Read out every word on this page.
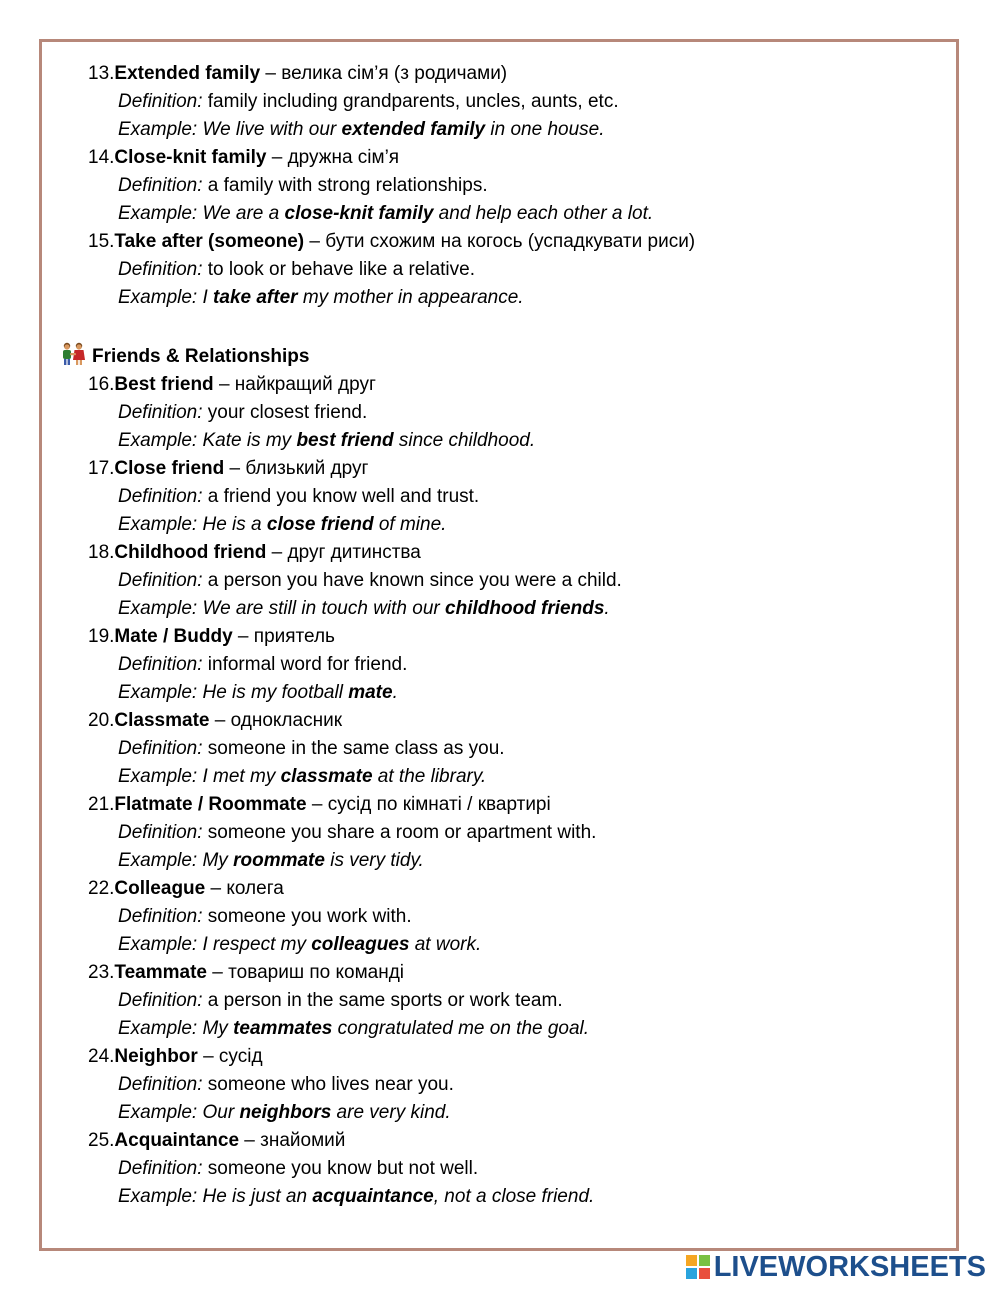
13.Extended family – велика сім’я (з родичами)
Definition: family including grandparents, uncles, aunts, etc.
Example: We live with our extended family in one house.
14.Close-knit family – дружна сім’я
Definition: a family with strong relationships.
Example: We are a close-knit family and help each other a lot.
15.Take after (someone) – бути схожим на когось (успадкувати риси)
Definition: to look or behave like a relative.
Example: I take after my mother in appearance.
Friends & Relationships
16.Best friend – найкращий друг
Definition: your closest friend.
Example: Kate is my best friend since childhood.
17.Close friend – близький друг
Definition: a friend you know well and trust.
Example: He is a close friend of mine.
18.Childhood friend – друг дитинства
Definition: a person you have known since you were a child.
Example: We are still in touch with our childhood friends.
19.Mate / Buddy – приятель
Definition: informal word for friend.
Example: He is my football mate.
20.Classmate – однокласник
Definition: someone in the same class as you.
Example: I met my classmate at the library.
21.Flatmate / Roommate – сусід по кімнаті / квартирі
Definition: someone you share a room or apartment with.
Example: My roommate is very tidy.
22.Colleague – колега
Definition: someone you work with.
Example: I respect my colleagues at work.
23.Teammate – товариш по команді
Definition: a person in the same sports or work team.
Example: My teammates congratulated me on the goal.
24.Neighbor – сусід
Definition: someone who lives near you.
Example: Our neighbors are very kind.
25.Acquaintance – знайомий
Definition: someone you know but not well.
Example: He is just an acquaintance, not a close friend.
LIVEWORKSHEETS
